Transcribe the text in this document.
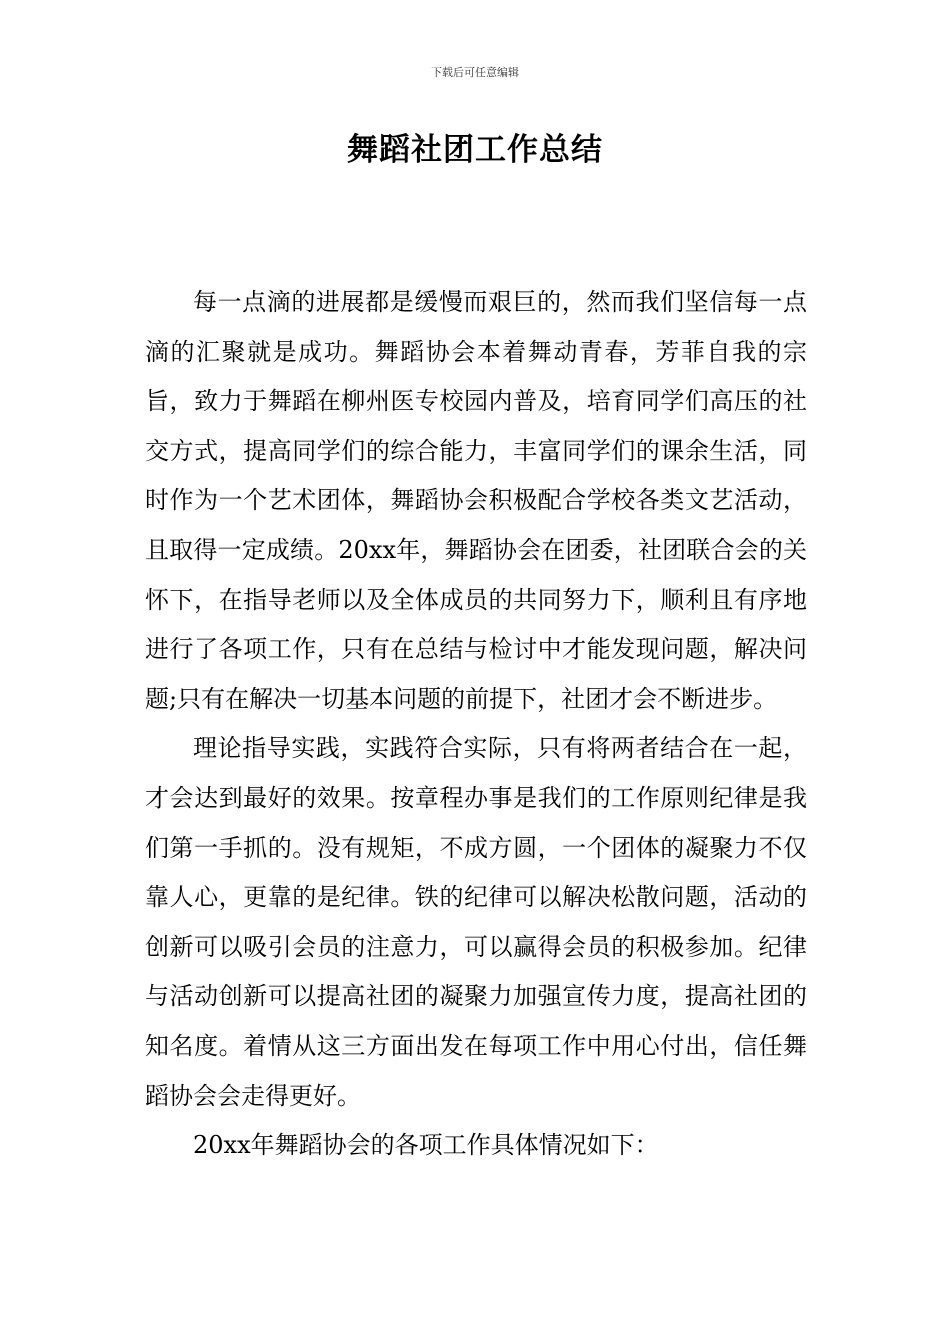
下载后可任意编辑
舞蹈社团工作总结

每一点滴的进展都是缓慢而艰巨的，然而我们坚信每一点滴的汇聚就是成功。舞蹈协会本着舞动青春，芳菲自我的宗旨，致力于舞蹈在柳州医专校园内普及，培育同学们高压的社交方式，提高同学们的综合能力，丰富同学们的课余生活，同时作为一个艺术团体，舞蹈协会积极配合学校各类文艺活动，且取得一定成绩。20xx年，舞蹈协会在团委，社团联合会的关怀下，在指导老师以及全体成员的共同努力下，顺利且有序地进行了各项工作，只有在总结与检讨中才能发现问题，解决问题;只有在解决一切基本问题的前提下，社团才会不断进步。

理论指导实践，实践符合实际，只有将两者结合在一起，才会达到最好的效果。按章程办事是我们的工作原则纪律是我们第一手抓的。没有规矩，不成方圆，一个团体的凝聚力不仅靠人心，更靠的是纪律。铁的纪律可以解决松散问题，活动的创新可以吸引会员的注意力，可以赢得会员的积极参加。纪律与活动创新可以提高社团的凝聚力加强宣传力度，提高社团的知名度。着情从这三方面出发在每项工作中用心付出，信任舞蹈协会会走得更好。

20xx年舞蹈协会的各项工作具体情况如下：
